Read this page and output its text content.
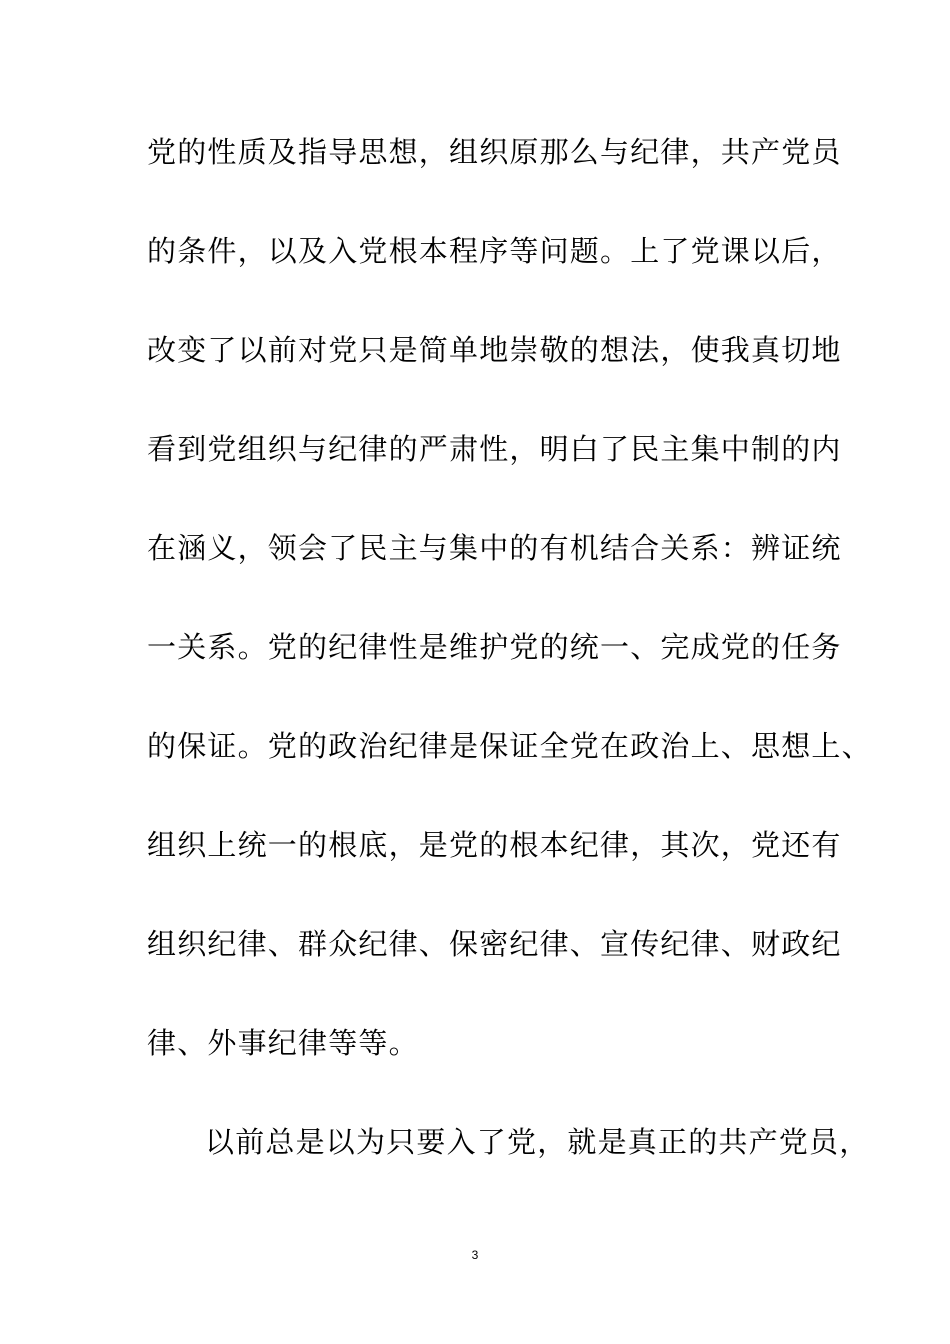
党的性质及指导思想，组织原那么与纪律，共产党员
的条件，以及入党根本程序等问题。上了党课以后，
改变了以前对党只是简单地崇敬的想法，使我真切地
看到党组织与纪律的严肃性，明白了民主集中制的内
在涵义，领会了民主与集中的有机结合关系：辨证统
一关系。党的纪律性是维护党的统一、完成党的任务
的保证。党的政治纪律是保证全党在政治上、思想上、
组织上统一的根底，是党的根本纪律，其次，党还有
组织纪律、群众纪律、保密纪律、宣传纪律、财政纪
律、外事纪律等等。
以前总是以为只要入了党，就是真正的共产党员，
3
